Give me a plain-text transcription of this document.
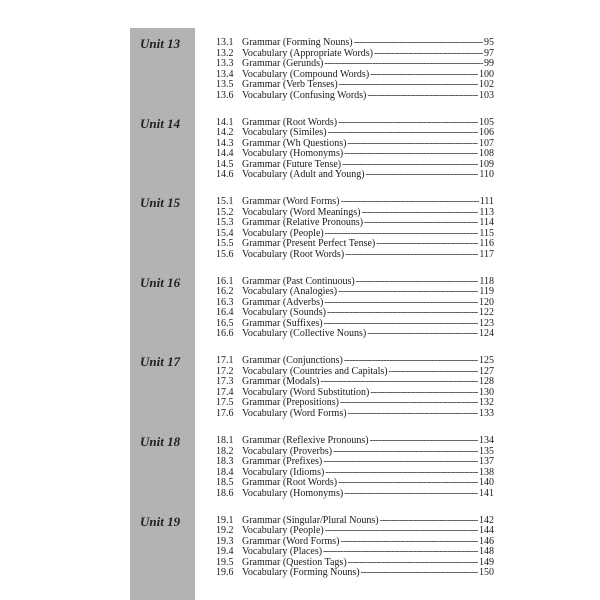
Unit 13	13.1 Grammar (Forming Nouns) -----	95
13.2 Vocabulary (Appropriate Words) -----	97
13.3 Grammar (Gerunds) -----	99
13.4 Vocabulary (Compound Words) -----	100
13.5 Grammar (Verb Tenses) -----	102
13.6 Vocabulary (Confusing Words) -----	103
Unit 14	14.1 Grammar (Root Words) -----	105
14.2 Vocabulary (Similes) -----	106
14.3 Grammar (Wh Questions) -----	107
14.4 Vocabulary (Homonyms) -----	108
14.5 Grammar (Future Tense) -----	109
14.6 Vocabulary (Adult and Young) -----	110
Unit 15	15.1 Grammar (Word Forms) -----	111
15.2 Vocabulary (Word Meanings) -----	113
15.3 Grammar (Relative Pronouns) -----	114
15.4 Vocabulary (People) -----	115
15.5 Grammar (Present Perfect Tense) -----	116
15.6 Vocabulary (Root Words) -----	117
Unit 16	16.1 Grammar (Past Continuous) -----	118
16.2 Vocabulary (Analogies) -----	119
16.3 Grammar (Adverbs) -----	120
16.4 Vocabulary (Sounds) -----	122
16.5 Grammar (Suffixes) -----	123
16.6 Vocabulary (Collective Nouns) -----	124
Unit 17	17.1 Grammar (Conjunctions) -----	125
17.2 Vocabulary (Countries and Capitals) -----	127
17.3 Grammar (Modals) -----	128
17.4 Vocabulary (Word Substitution) -----	130
17.5 Grammar (Prepositions) -----	132
17.6 Vocabulary (Word Forms) -----	133
Unit 18	18.1 Grammar (Reflexive Pronouns) -----	134
18.2 Vocabulary (Proverbs) -----	135
18.3 Grammar (Prefixes) -----	137
18.4 Vocabulary (Idioms) -----	138
18.5 Grammar (Root Words) -----	140
18.6 Vocabulary (Homonyms) -----	141
Unit 19	19.1 Grammar (Singular/Plural Nouns) -----	142
19.2 Vocabulary (People) -----	144
19.3 Grammar (Word Forms) -----	146
19.4 Vocabulary (Places) -----	148
19.5 Grammar (Question Tags) -----	149
19.6 Vocabulary (Forming Nouns) -----	150
